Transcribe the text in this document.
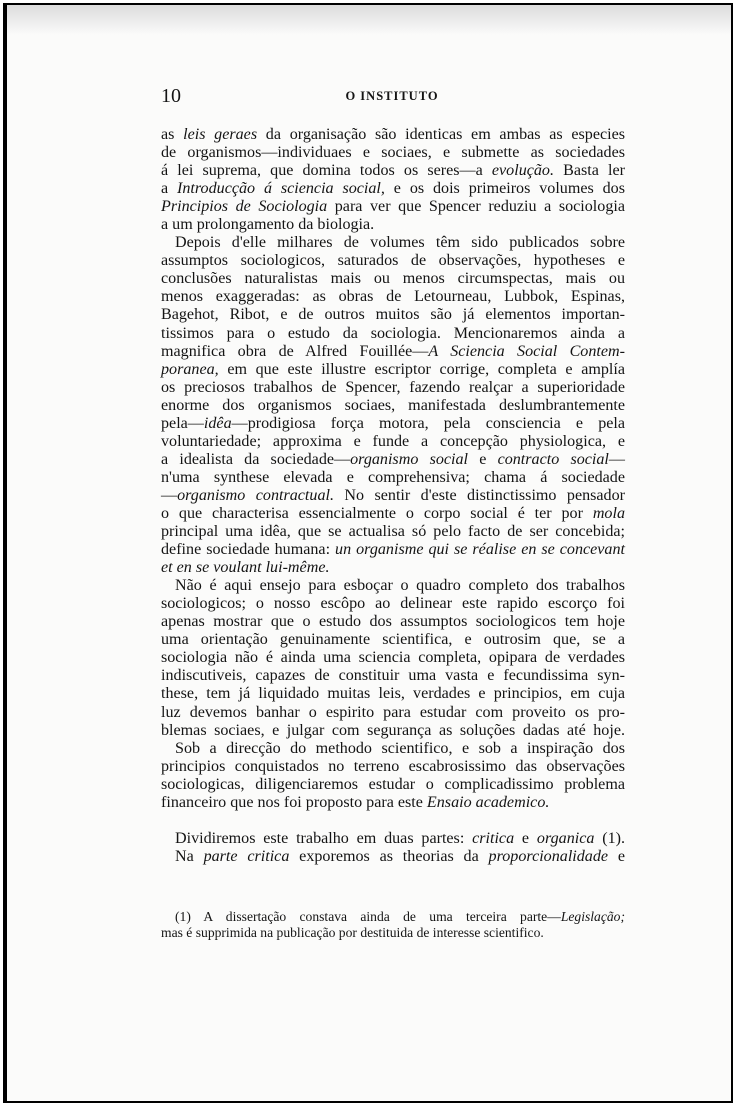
10	O INSTITUTO

as leis geraes da organisação são identicas em ambas as especies
de organismos—individuaes e sociaes, e submette as sociedades
á lei suprema, que domina todos os seres—a evolução. Basta ler
a Introducção á sciencia social, e os dois primeiros volumes dos
Principios de Sociologia para ver que Spencer reduziu a sociologia
a um prolongamento da biologia.

Depois d'elle milhares de volumes têm sido publicados sobre
assumptos sociologicos, saturados de observações, hypotheses e
conclusões naturalistas mais ou menos circumspectas, mais ou
menos exaggeradas: as obras de Letourneau, Lubbok, Espinas,
Bagehot, Ribot, e de outros muitos são já elementos importan-
tissimos para o estudo da sociologia. Mencionaremos ainda a
magnifica obra de Alfred Fouillée—A Sciencia Social Contem-
poranea, em que este illustre escriptor corrige, completa e amplía
os preciosos trabalhos de Spencer, fazendo realçar a superioridade
enorme dos organismos sociaes, manifestada deslumbrantemente
pela—idêa—prodigiosa força motora, pela consciencia e pela
voluntariedade; approxima e funde a concepção physiologica, e
a idealista da sociedade—organismo social e contracto social—
n'uma synthese elevada e comprehensiva; chama á sociedade
—organismo contractual. No sentir d'este distinctissimo pensador
o que characterisa essencialmente o corpo social é ter por mola
principal uma idêa, que se actualisa só pelo facto de ser concebida;
define sociedade humana: un organisme qui se réalise en se concevant
et en se voulant lui-même.

Não é aqui ensejo para esboçar o quadro completo dos trabalhos
sociologicos; o nosso escôpo ao delinear este rapido escorço foi
apenas mostrar que o estudo dos assumptos sociologicos tem hoje
uma orientação genuinamente scientifica, e outrosim que, se a
sociologia não é ainda uma sciencia completa, opipara de verdades
indiscutiveis, capazes de constituir uma vasta e fecundissima syn-
these, tem já liquidado muitas leis, verdades e principios, em cuja
luz devemos banhar o espirito para estudar com proveito os pro-
blemas sociaes, e julgar com segurança as soluções dadas até hoje.

Sob a direcção do methodo scientifico, e sob a inspiração dos
principios conquistados no terreno escabrosissimo das observações
sociologicas, diligenciaremos estudar o complicadissimo problema
financeiro que nos foi proposto para este Ensaio academico.

Dividiremos este trabalho em duas partes: critica e organica (1).
Na parte critica exporemos as theorias da proporcionalidade e

(1) A dissertação constava ainda de uma terceira parte—Legislação;
mas é supprimida na publicação por destituida de interesse scientifico.
